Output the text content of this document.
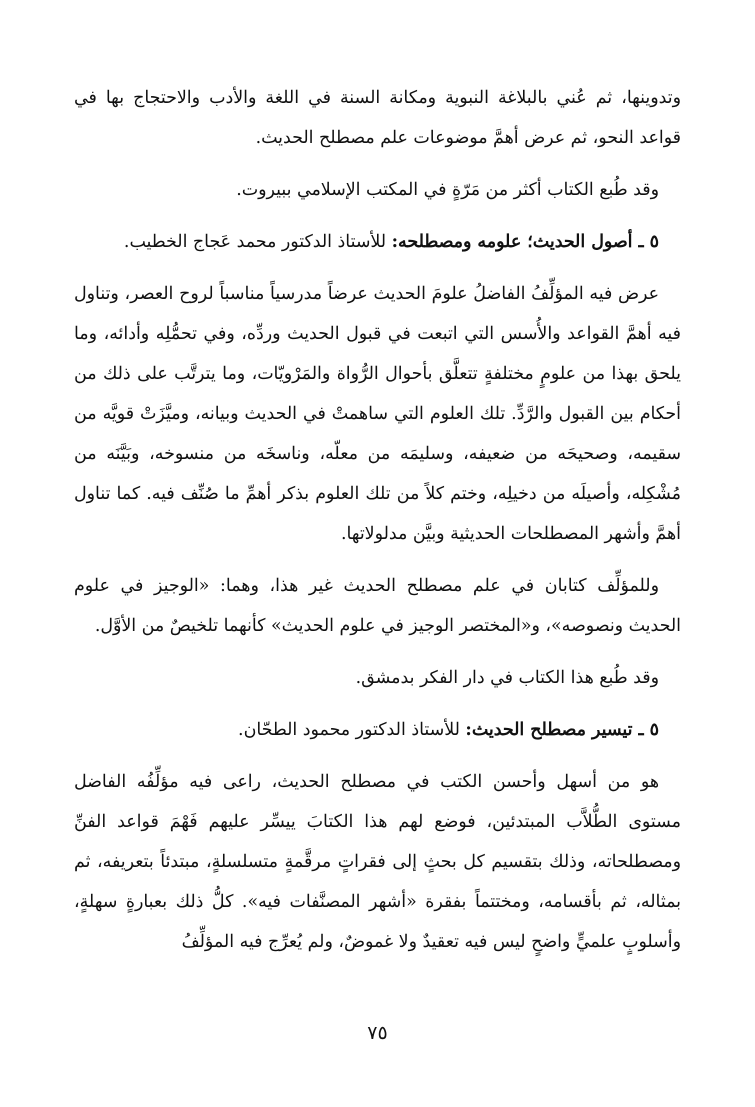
وتدوينها، ثم عُني بالبلاغة النبوية ومكانة السنة في اللغة والأدب والاحتجاج بها في قواعد النحو، ثم عرض أهمَّ موضوعات علم مصطلح الحديث.

وقد طُبع الكتاب أكثر من مَرّةٍ في المكتب الإسلامي ببيروت.

٥ ـ أصول الحديث؛ علومه ومصطلحه: للأستاذ الدكتور محمد عَجاج الخطيب.

عرض فيه المؤلِّفُ الفاضلُ علومَ الحديث عرضاً مدرسياً مناسباً لروح العصر، وتناول فيه أهمَّ القواعد والأُسس التي اتبعت في قبول الحديث وردِّه، وفي تحمُّلِه وأدائه، وما يلحق بهذا من علومٍ مختلفةٍ تتعلَّق بأحوال الرُّواة والمَرْويّات، وما يترتَّب على ذلك من أحكام بين القبول والرَّدِّ. تلك العلوم التي ساهمتْ في الحديث وبيانه، وميَّزَتْ قويَّه من سقيمه، وصحيحَه من ضعيفه، وسليمَه من معلّه، وناسخَه من منسوخه، وبَيَّنَه من مُشْكِله، وأصيلَه من دخيلِه، وختم كلاً من تلك العلوم بذكر أهمِّ ما صُنِّف فيه. كما تناول أهمَّ وأشهر المصطلحات الحديثية وبيَّن مدلولاتها.

وللمؤلِّف كتابان في علم مصطلح الحديث غير هذا، وهما: «الوجيز في علوم الحديث ونصوصه»، و«المختصر الوجيز في علوم الحديث» كأنهما تلخيصٌ من الأوَّل.

وقد طُبع هذا الكتاب في دار الفكر بدمشق.

٥ ـ تيسير مصطلح الحديث: للأستاذ الدكتور محمود الطحّان.

هو من أسهل وأحسن الكتب في مصطلح الحديث، راعى فيه مؤلِّفُه الفاضل مستوى الطُّلاَّب المبتدئين، فوضع لهم هذا الكتابَ ييسِّر عليهم فَهْمَ قواعد الفنِّ ومصطلحاته، وذلك بتقسيم كل بحثٍ إلى فقراتٍ مرقَّمةٍ متسلسلةٍ، مبتدئاً بتعريفه، ثم بمثاله، ثم بأقسامه، ومختتماً بفقرة «أشهر المصنَّفات فيه». كلُّ ذلك بعبارةٍ سهلةٍ، وأسلوبٍ علميٍّ واضحٍ ليس فيه تعقيدٌ ولا غموضٌ، ولم يُعرِّج فيه المؤلِّفُ

٧٥
